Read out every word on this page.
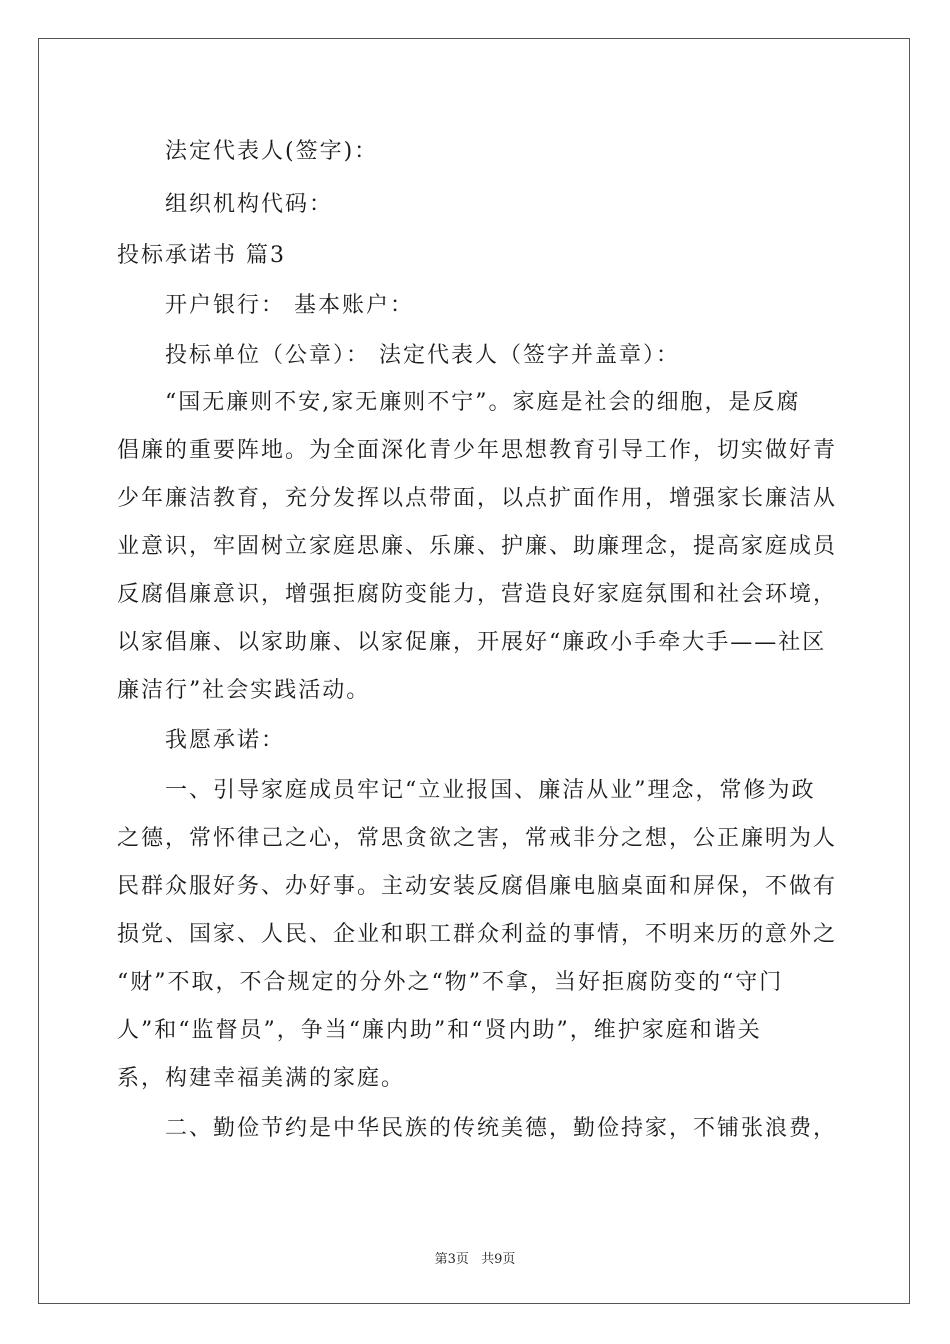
法定代表人(签字)：

组织机构代码：

投标承诺书 篇3

开户银行： 基本账户：

投标单位（公章）： 法定代表人（签字并盖章）：

“国无廉则不安,家无廉则不宁”。家庭是社会的细胞，是反腐

倡廉的重要阵地。为全面深化青少年思想教育引导工作，切实做好青

少年廉洁教育，充分发挥以点带面，以点扩面作用，增强家长廉洁从

业意识，牢固树立家庭思廉、乐廉、护廉、助廉理念，提高家庭成员

反腐倡廉意识，增强拒腐防变能力，营造良好家庭氛围和社会环境，

以家倡廉、以家助廉、以家促廉，开展好“廉政小手牵大手——社区

廉洁行”社会实践活动。

我愿承诺：

一、引导家庭成员牢记“立业报国、廉洁从业”理念，常修为政

之德，常怀律己之心，常思贪欲之害，常戒非分之想，公正廉明为人

民群众服好务、办好事。主动安装反腐倡廉电脑桌面和屏保，不做有

损党、国家、人民、企业和职工群众利益的事情，不明来历的意外之

“财”不取，不合规定的分外之“物”不拿，当好拒腐防变的“守门

人”和“监督员”，争当“廉内助”和“贤内助”，维护家庭和谐关

系，构建幸福美满的家庭。

二、勤俭节约是中华民族的传统美德，勤俭持家，不铺张浪费，

第3页 共9页
